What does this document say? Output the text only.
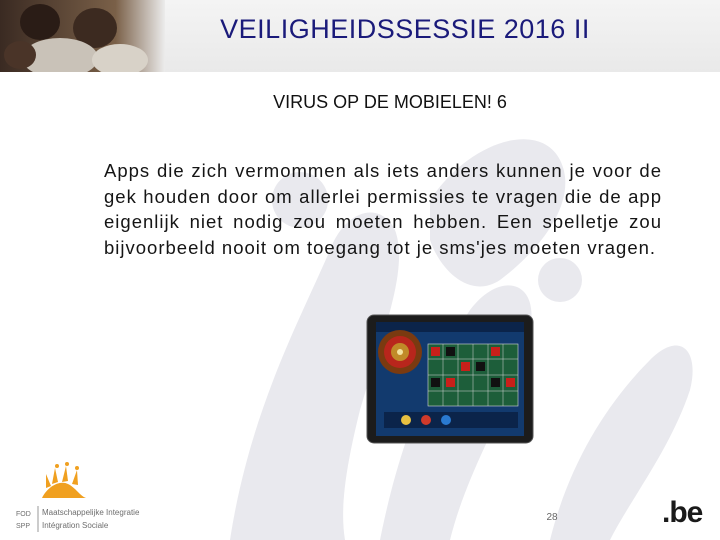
VEILIGHEIDSSESSIE 2016 II
VIRUS OP DE MOBIELEN! 6
Apps die zich vermommen als iets anders kunnen je voor de gek houden door om allerlei permissies te vragen die de app eigenlijk niet nodig zou moeten hebben. Een spelletje zou bijvoorbeeld nooit om toegang tot je sms'jes moeten vragen.
FOD
SPP
Maatschappelijke Integratie
Intégration Sociale
28	.be
